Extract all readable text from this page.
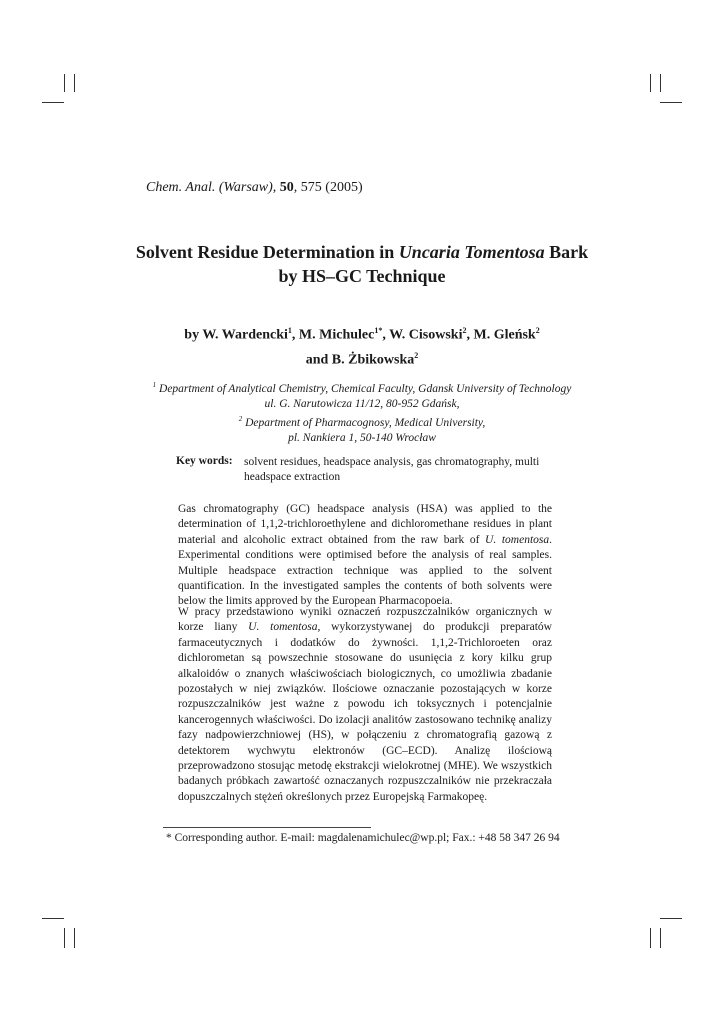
Chem. Anal. (Warsaw), 50, 575 (2005)
Solvent Residue Determination in Uncaria Tomentosa Bark
by HS–GC Technique
by W. Wardencki$^1$, M. Michulec$^{1*}$, W. Cisowski$^2$, M. Gleńsk$^2$
and B. Żbikowska$^2$
$^1$ Department of Analytical Chemistry, Chemical Faculty, Gdansk University of Technology
ul. G. Narutowicza 11/12, 80-952 Gdańsk,
$^2$ Department of Pharmacognosy, Medical University,
pl. Nankiera 1, 50-140 Wrocław
Key words: solvent residues, headspace analysis, gas chromatography, multi headspace extraction
Gas chromatography (GC) headspace analysis (HSA) was applied to the determination of 1,1,2-trichloroethylene and dichloromethane residues in plant material and alcoholic extract obtained from the raw bark of U. tomentosa. Experimental conditions were optimised before the analysis of real samples. Multiple headspace extraction technique was applied to the solvent quantification. In the investigated samples the contents of both solvents were below the limits approved by the European Pharmacopoeia.
W pracy przedstawiono wyniki oznaczeń rozpuszczalników organicznych w korze liany U. tomentosa, wykorzystywanej do produkcji preparatów farmaceutycznych i dodatków do żywności. 1,1,2-Trichloroeten oraz dichlorometan są powszechnie stosowane do usunięcia z kory kilku grup alkaloidów o znanych właściwościach biologicznych, co umożliwia zbadanie pozostałych w niej związków. Ilościowe oznaczanie pozostających w korze rozpuszczalników jest ważne z powodu ich toksycznych i potencjalnie kancerogennych właściwości. Do izolacji analitów zastosowano technikę analizy fazy nadpowierzchniowej (HS), w połączeniu z chromatografią gazową z detektorem wychwytu elektronów (GC–ECD). Analizę ilościową przeprowadzono stosując metodę ekstrakcji wielokrotnej (MHE). We wszystkich badanych próbkach zawartość oznaczanych rozpuszczalników nie przekraczała dopuszczalnych stężeń określonych przez Europejską Farmakopeę.
* Corresponding author. E-mail: magdalenamichulec@wp.pl; Fax.: +48 58 347 26 94
